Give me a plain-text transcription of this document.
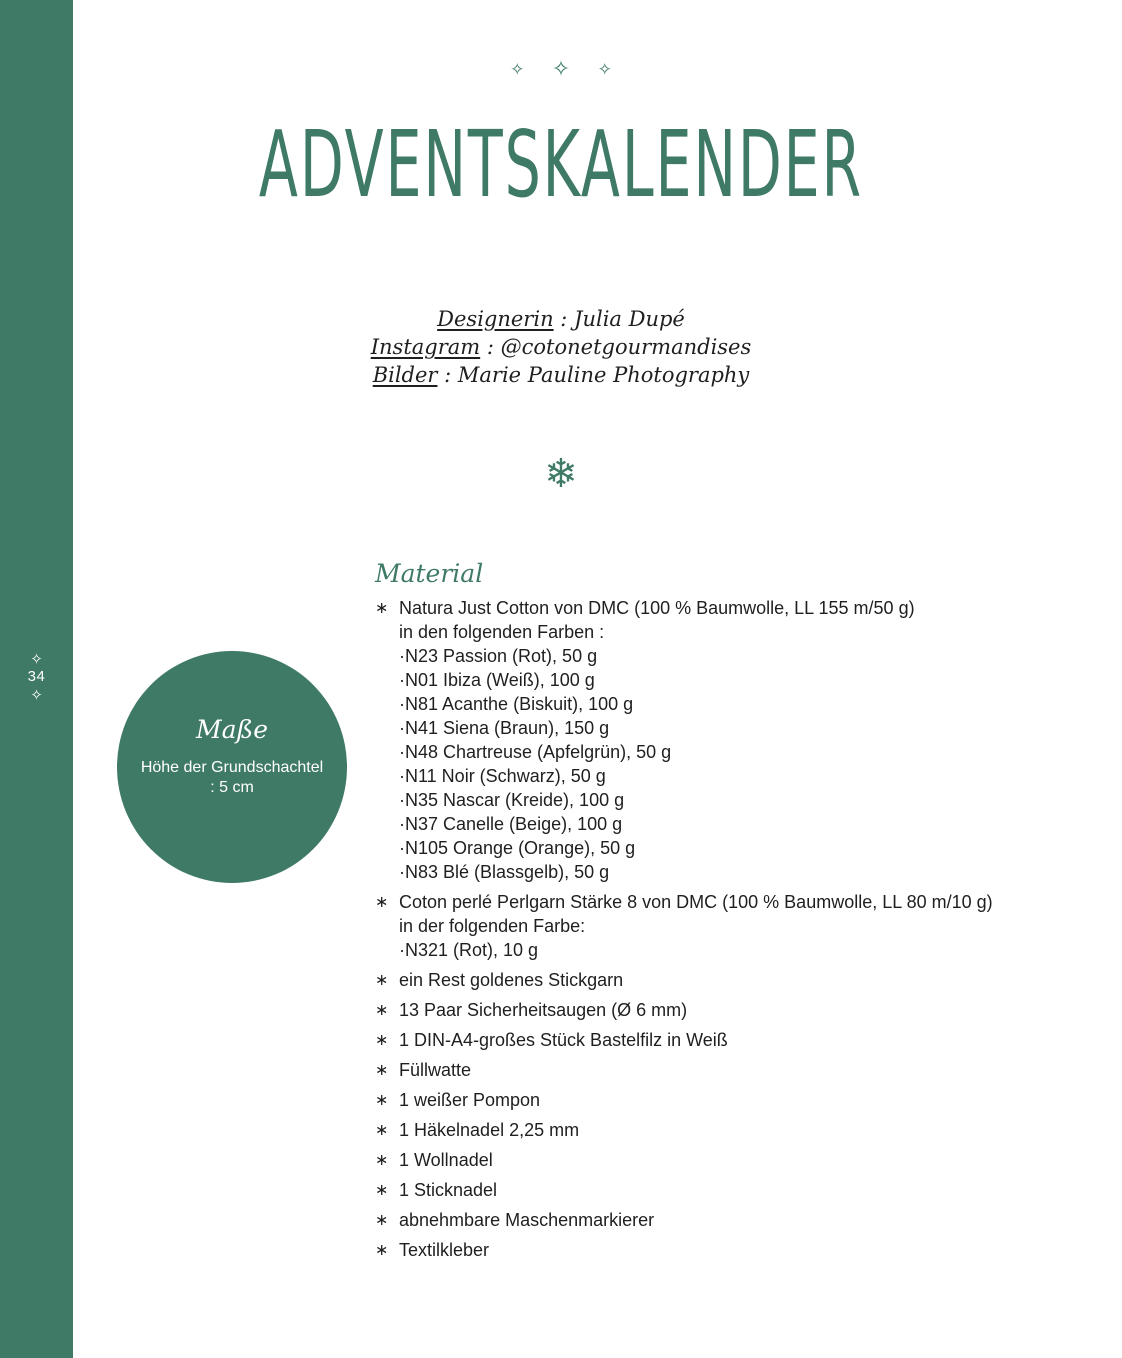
✧
34
✧
✧ ✧ ✧
ADVENTSKALENDER
Designerin : Julia Dupé
Instagram : @cotonetgourmandises
Bilder : Marie Pauline Photography
❄
Maße
Höhe der Grundschachtel : 5 cm
Material
∗ Natura Just Cotton von DMC (100 % Baumwolle, LL 155 m/50 g)
in den folgenden Farben :
·N23 Passion (Rot), 50 g
·N01 Ibiza (Weiß), 100 g
·N81 Acanthe (Biskuit), 100 g
·N41 Siena (Braun), 150 g
·N48 Chartreuse (Apfelgrün), 50 g
·N11 Noir (Schwarz), 50 g
·N35 Nascar (Kreide), 100 g
·N37 Canelle (Beige), 100 g
·N105 Orange (Orange), 50 g
·N83 Blé (Blassgelb), 50 g
∗ Coton perlé Perlgarn Stärke 8 von DMC (100 % Baumwolle, LL 80 m/10 g)
in der folgenden Farbe:
·N321 (Rot), 10 g
∗ ein Rest goldenes Stickgarn
∗ 13 Paar Sicherheitsaugen (Ø 6 mm)
∗ 1 DIN-A4-großes Stück Bastelfilz in Weiß
∗ Füllwatte
∗ 1 weißer Pompon
∗ 1 Häkelnadel 2,25 mm
∗ 1 Wollnadel
∗ 1 Sticknadel
∗ abnehmbare Maschenmarkierer
∗ Textilkleber
